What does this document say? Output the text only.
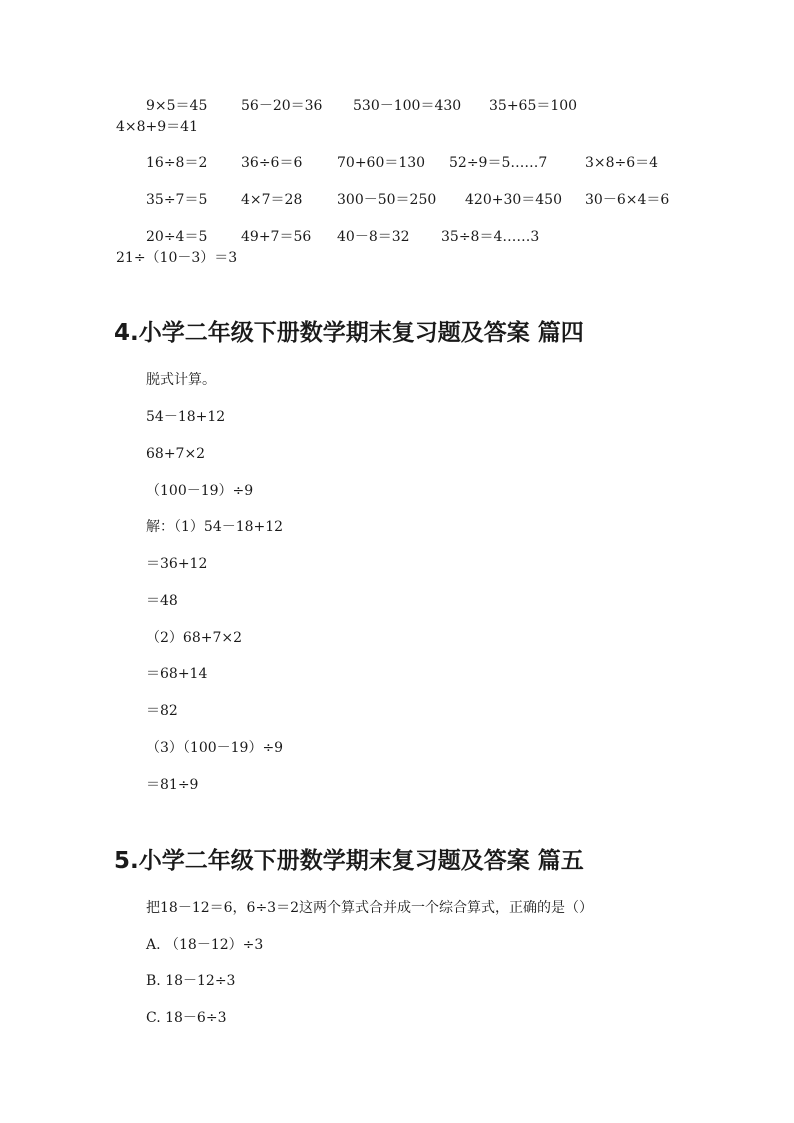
9×5＝45 56－20＝36 530－100＝430 35+65＝100
4×8+9＝41
16÷8＝2 36÷6＝6 70+60＝130 52÷9＝5……7	3×8÷6＝4
35÷7＝5 4×7＝28 300－50＝250 420+30＝450 30－6×4＝6
20÷4＝5 49+7＝56 40－8＝32 35÷8＝4……3
21÷（10－3）＝3
4.小学二年级下册数学期末复习题及答案 篇四
脱式计算。
54－18+12
68+7×2
（100－19）÷9
解：（1）54－18+12
＝36+12
＝48
（2）68+7×2
＝68+14
＝82
（3）（100－19）÷9
＝81÷9
5.小学二年级下册数学期末复习题及答案 篇五
把18－12＝6，6÷3＝2这两个算式合并成一个综合算式，正确的是（）
A. （18－12）÷3
B. 18－12÷3
C. 18－6÷3
